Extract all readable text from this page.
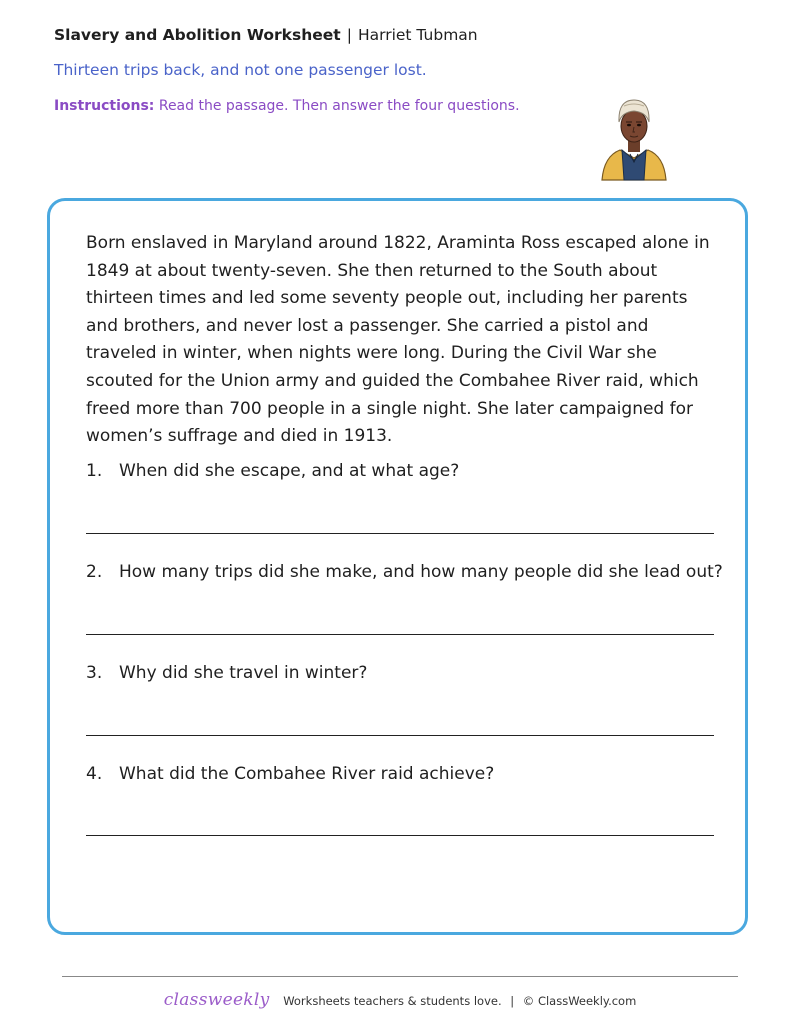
Slavery and Abolition Worksheet | Harriet Tubman
Thirteen trips back, and not one passenger lost.
Instructions: Read the passage. Then answer the four questions.

Born enslaved in Maryland around 1822, Araminta Ross escaped alone in 1849 at about twenty-seven. She then returned to the South about thirteen times and led some seventy people out, including her parents and brothers, and never lost a passenger. She carried a pistol and traveled in winter, when nights were long. During the Civil War she scouted for the Union army and guided the Combahee River raid, which freed more than 700 people in a single night. She later campaigned for women’s suffrage and died in 1913.

1. When did she escape, and at what age?
2. How many trips did she make, and how many people did she lead out?
3. Why did she travel in winter?
4. What did the Combahee River raid achieve?
classweekly Worksheets teachers & students love. | © ClassWeekly.com
